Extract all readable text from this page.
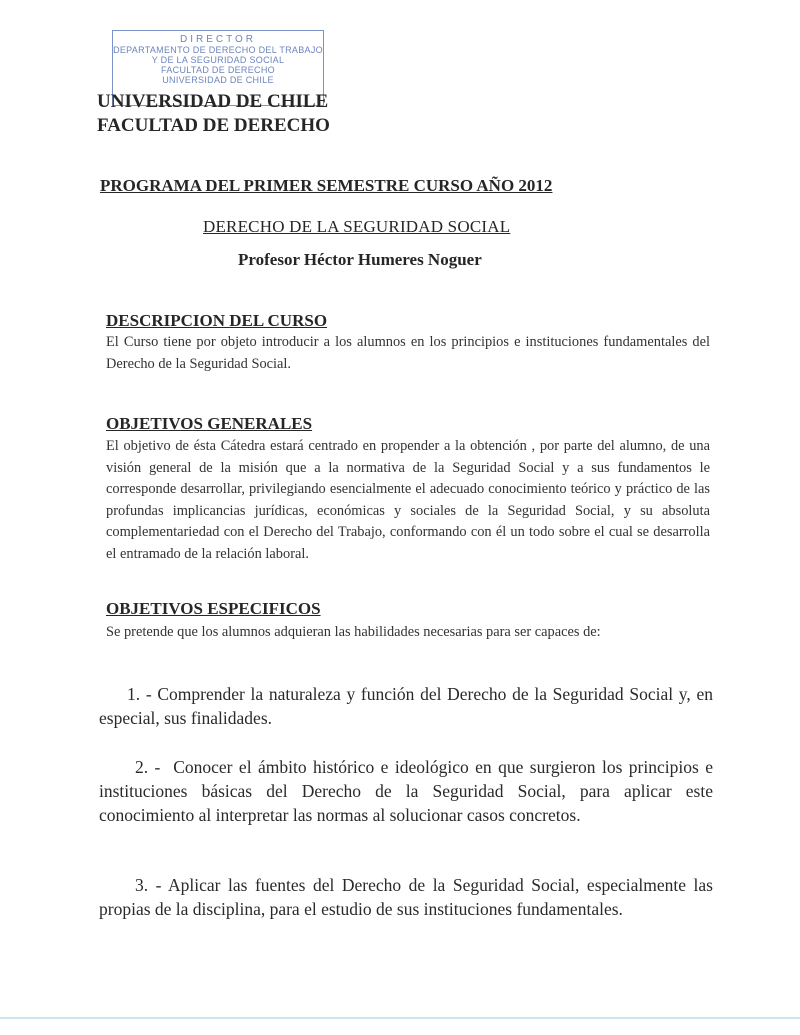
DIRECTOR
DEPARTAMENTO DE DERECHO DEL TRABAJO
Y DE LA SEGURIDAD SOCIAL
FACULTAD DE DERECHO
UNIVERSIDAD DE CHILE
UNIVERSIDAD DE CHILE
FACULTAD DE DERECHO
PROGRAMA DEL PRIMER SEMESTRE CURSO AÑO 2012
DERECHO DE LA SEGURIDAD SOCIAL
Profesor Héctor Humeres Noguer
DESCRIPCION DEL CURSO
El Curso tiene por objeto introducir a los alumnos en los principios e instituciones fundamentales del Derecho de la Seguridad Social.
OBJETIVOS GENERALES
El objetivo de ésta Cátedra estará centrado en propender a la obtención , por parte del alumno, de una visión general de la misión que a la normativa de la Seguridad Social y a sus fundamentos le corresponde desarrollar, privilegiando esencialmente el adecuado conocimiento teórico y práctico de las profundas implicancias jurídicas, económicas y sociales de la Seguridad Social, y su absoluta complementariedad con el Derecho del Trabajo, conformando con él un todo sobre el cual se desarrolla el entramado de la relación laboral.
OBJETIVOS ESPECIFICOS
Se pretende que los alumnos adquieran las habilidades necesarias para ser capaces de:
1. - Comprender la naturaleza y función del Derecho de la Seguridad Social y, en especial, sus finalidades.
2. - Conocer el ámbito histórico e ideológico en que surgieron los principios e instituciones básicas del Derecho de la Seguridad Social, para aplicar este conocimiento al interpretar las normas al solucionar casos concretos.
3. - Aplicar las fuentes del Derecho de la Seguridad Social, especialmente las propias de la disciplina, para el estudio de sus instituciones fundamentales.
